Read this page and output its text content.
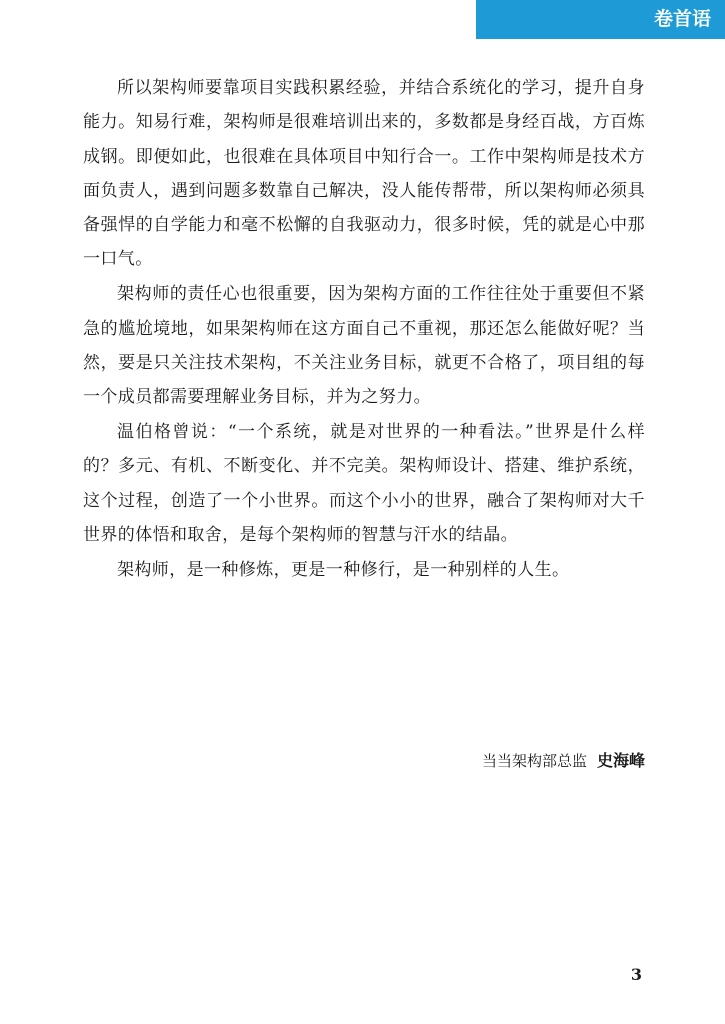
卷首语

所以架构师要靠项目实践积累经验，并结合系统化的学习，提升自身能力。知易行难，架构师是很难培训出来的，多数都是身经百战，方百炼成钢。即便如此，也很难在具体项目中知行合一。工作中架构师是技术方面负责人，遇到问题多数靠自己解决，没人能传帮带，所以架构师必须具备强悍的自学能力和毫不松懈的自我驱动力，很多时候，凭的就是心中那一口气。

架构师的责任心也很重要，因为架构方面的工作往往处于重要但不紧急的尴尬境地，如果架构师在这方面自己不重视，那还怎么能做好呢？当然，要是只关注技术架构，不关注业务目标，就更不合格了，项目组的每一个成员都需要理解业务目标，并为之努力。

温伯格曾说：“一个系统，就是对世界的一种看法。”世界是什么样的？多元、有机、不断变化、并不完美。架构师设计、搭建、维护系统，这个过程，创造了一个小世界。而这个小小的世界，融合了架构师对大千世界的体悟和取舍，是每个架构师的智慧与汗水的结晶。

架构师，是一种修炼，更是一种修行，是一种别样的人生。

当当架构部总监 史海峰
3
